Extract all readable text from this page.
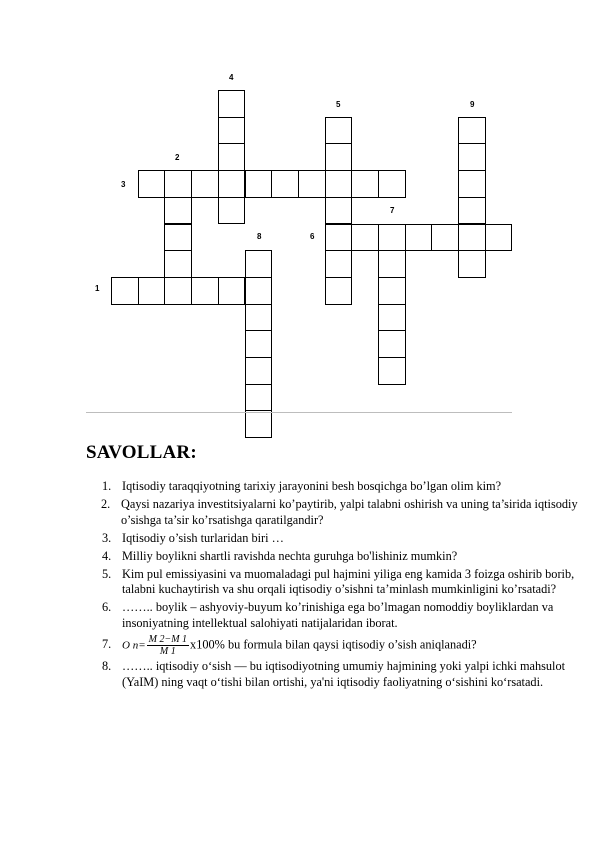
1
2
3
4
5
6
7
8
9
SAVOLLAR:
1. Iqtisodiy taraqqiyotning tarixiy jarayonini besh bosqichga bo’lgan olim kim?
2. Qaysi nazariya investitsiyalarni ko’paytirib, yalpi talabni oshirish va uning ta’sirida iqtisodiy o’sishga ta’sir ko’rsatishga qaratilgandir?
3. Iqtisodiy o’sish turlaridan biri …
4. Milliy boylikni shartli ravishda nechta guruhga bo'lishiniz mumkin?
5. Kim pul emissiyasini va muomaladagi pul hajmini yiliga eng kamida 3 foizga oshirib borib, talabni kuchaytirish va shu orqali iqtisodiy o’sishni ta’minlash mumkinligini ko’rsatadi?
6. …….. boylik – ashyoviy-buyum ko’rinishiga ega bo’lmagan nomoddiy boyliklardan va insoniyatning intellektual salohiyati natijalaridan iborat.
7. O $n= \frac{M 2-M 1}{M 1} x100\%$ bu formula bilan qaysi iqtisodiy o’sish aniqlanadi?
8. …….. iqtisodiy o‘sish — bu iqtisodiyotning umumiy hajmining yoki yalpi ichki mahsulot (YaIM) ning vaqt o‘tishi bilan ortishi, ya'ni iqtisodiy faoliyatning o‘sishini ko‘rsatadi.
